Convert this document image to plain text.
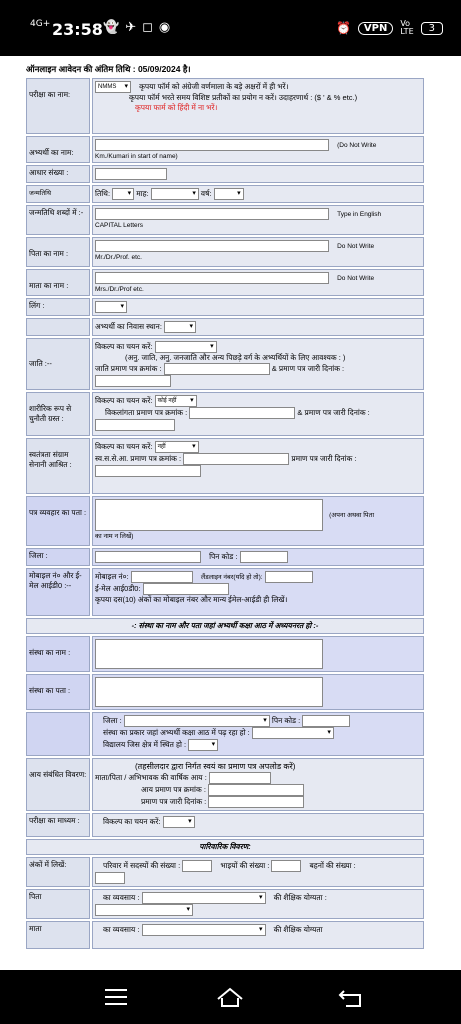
4G+ 23:58 👻✈◻◉	⏰	VPN	Vo
LTE	3
ऑनलाइन आवेदन की अंतिम तिथि : 05/09/2024 है।

परीक्षा का नाम:	NMMS ▾ कृपया फॉर्म को अंग्रेजी वर्णमाला के बड़े अक्षरों में ही भरें।
कृपया फॉर्म भरते समय विशिष्ट प्रतीकों का प्रयोग न करें। उदाहरणार्थ : ($ ' & % etc.)
कृपया फार्म को हिंदी में ना भरें।

अभ्यर्थी का नाम:	(Do Not Write
Km./Kumari in start of name)
आधार संख्या :	
जन्मतिथि	तिथि: ▾ माह: ▾ वर्ष: ▾
जन्मतिथि शब्दों में :-	Type in English
CAPITAL Letters

पिता का नाम :	Do Not Write
Mr./Dr./Prof. etc.

माता का नाम :	Do Not Write
Mrs./Dr./Prof etc.
लिंग :	▾
	अभ्यर्थी का निवास स्थान: ▾

जाति :--	विकल्प का चयन करें: ▾
(अनु. जाति, अनु. जनजाति और अन्य पिछड़े वर्ग के अभ्यर्थियों के लिए आवश्यक : )
जाति प्रमाण पत्र क्रमांक : & प्रमाण पत्र जारी दिनांक :

शारीरिक रूप से चुनौती ग्रस्त :	विकल्प का चयन करें: कोई नहीं ▾
विकलांगता प्रमाण पत्र क्रमांक : & प्रमाण पत्र जारी दिनांक :

स्वतंत्रता संग्राम सेनानी आश्रित :	विकल्प का चयन करें: नहीं ▾
स्व.स.से.आ. प्रमाण पत्र क्रमांक : प्रमाण पत्र जारी दिनांक :

पत्र व्यवहार का पता :	(अपना अथवा पिता
का नाम न लिखें)
जिला :	पिन कोड :
मोबाइल नं० और ई-मेल आईडी0 :--	मोबाइल नं०: लैंडलाइन नंबर(यदि हो तो):
ई-मेल आई0डी0:
कृपया दस(10) अंकों का मोबाइल नंबर और मान्य ईमेल-आईडी ही लिखें।
-: संस्था का नाम और पता जहां अभ्यर्थी कक्षा आठ में अध्ययनरत हो :-	

संस्था का नाम :	

संस्था का पता :	
	जिला : ▾ पिन कोड :
संस्था का प्रकार जहां अभ्यर्थी कक्षा आठ में पढ़ रहा हो : ▾
विद्यालय जिस क्षेत्र में स्थित हो : ▾

आय संबंधित विवरण:	(तहसीलदार द्वारा निर्गत स्वयं का प्रमाण पत्र अपलोड करें)
माता/पिता / अभिभावक की वार्षिक आय :
आय प्रमाण पत्र क्रमांक :
प्रमाण पत्र जारी दिनांक :
परीक्षा का माध्यम :	विकल्प का चयन करें: ▾
पारिवारिक विवरण:	
अंकों में लिखें:	परिवार में सदस्यों की संख्या : भाइयों की संख्या : बहनों की संख्या :

पिता	का व्यवसाय : ▾ की शैक्षिक योग्यता :
▾
माता	का व्यवसाय : ▾ की शैक्षिक योग्यता
